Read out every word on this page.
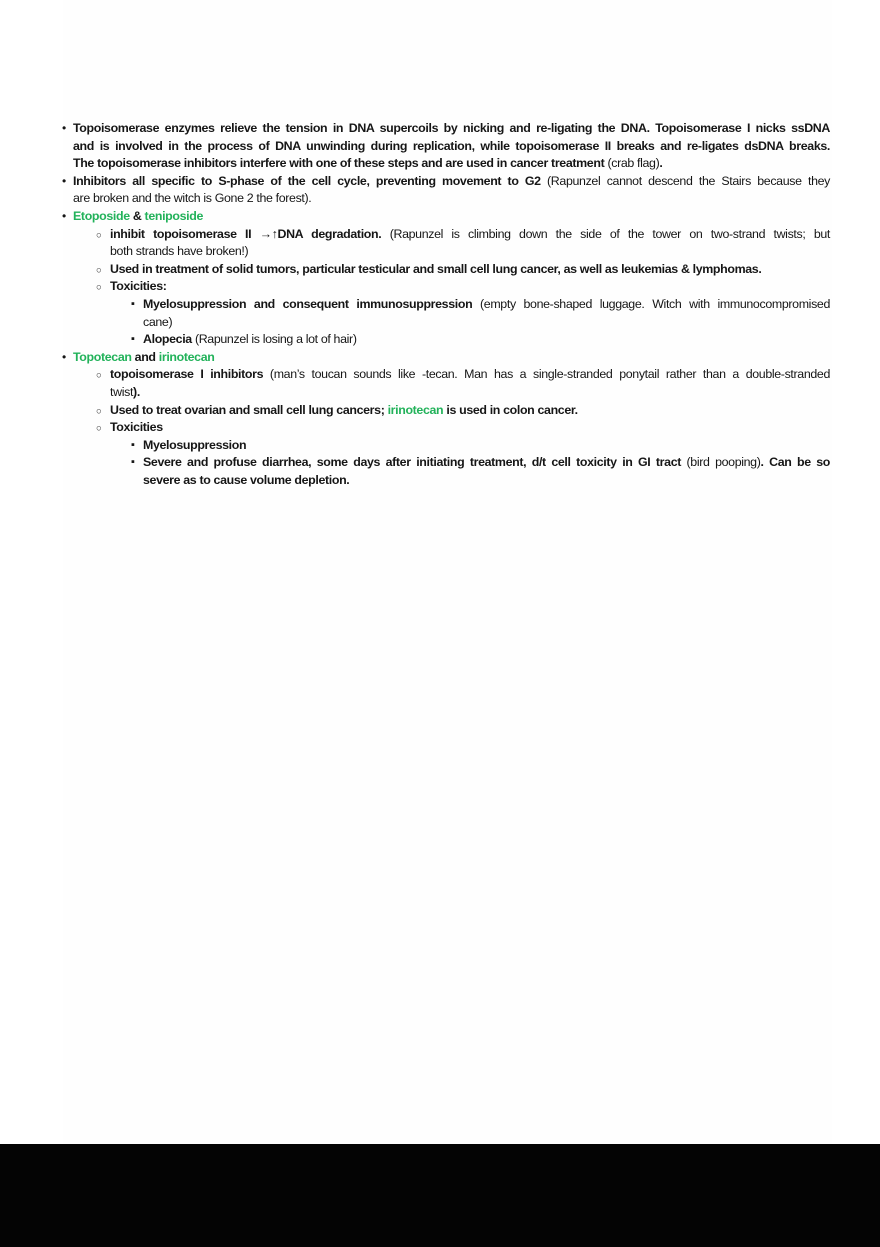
• Topoisomerase enzymes relieve the tension in DNA supercoils by nicking and re-ligating the DNA. Topoisomerase I nicks ssDNA
and is involved in the process of DNA unwinding during replication, while topoisomerase II breaks and re-ligates dsDNA breaks.
The topoisomerase inhibitors interfere with one of these steps and are used in cancer treatment (crab flag).
• Inhibitors all specific to S-phase of the cell cycle, preventing movement to G2 (Rapunzel cannot descend the Stairs because they
are broken and the witch is Gone 2 the forest).
• Etoposide & teniposide
○ inhibit topoisomerase II →↑DNA degradation. (Rapunzel is climbing down the side of the tower on two-strand twists; but
both strands have broken!)
○ Used in treatment of solid tumors, particular testicular and small cell lung cancer, as well as leukemias & lymphomas.
○ Toxicities:
▪ Myelosuppression and consequent immunosuppression (empty bone-shaped luggage. Witch with immunocompromised
cane)
▪ Alopecia (Rapunzel is losing a lot of hair)
• Topotecan and irinotecan
○ topoisomerase I inhibitors (man’s toucan sounds like -tecan. Man has a single-stranded ponytail rather than a double-stranded
twist).
○ Used to treat ovarian and small cell lung cancers; irinotecan is used in colon cancer.
○ Toxicities
▪ Myelosuppression
▪ Severe and profuse diarrhea, some days after initiating treatment, d/t cell toxicity in GI tract (bird pooping). Can be so
severe as to cause volume depletion.
